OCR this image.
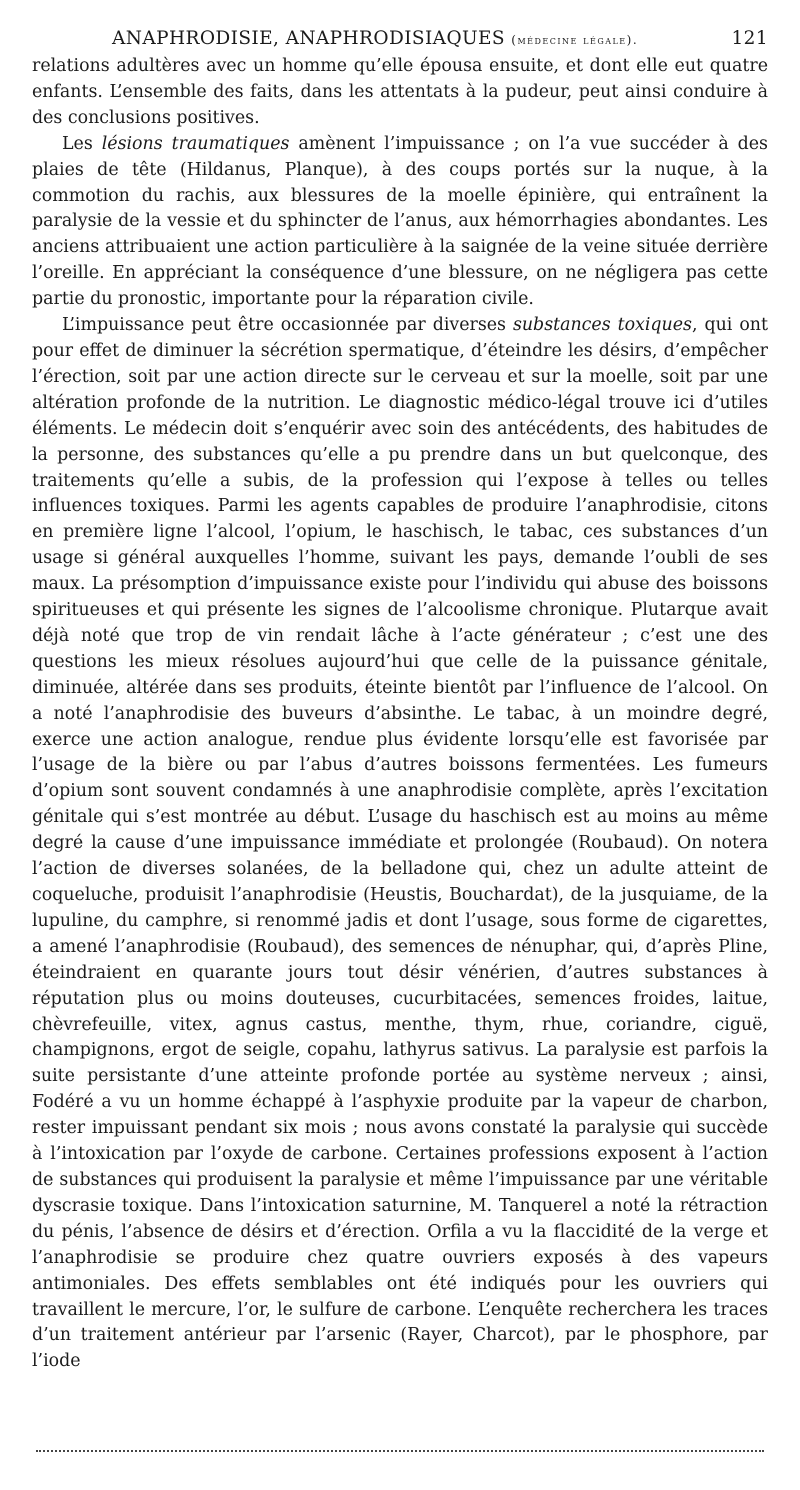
ANAPHRODISIE, ANAPHRODISIAQUES (médecine légale).	121

relations adultères avec un homme qu’elle épousa ensuite, et dont elle eut quatre enfants. L’ensemble des faits, dans les attentats à la pudeur, peut ainsi conduire à des conclusions positives.

Les lésions traumatiques amènent l’impuissance ; on l’a vue succéder à des plaies de tête (Hildanus, Planque), à des coups portés sur la nuque, à la commotion du rachis, aux blessures de la moelle épinière, qui entraînent la paralysie de la vessie et du sphincter de l’anus, aux hémorrhagies abondantes. Les anciens attribuaient une action particulière à la saignée de la veine située derrière l’oreille. En appréciant la conséquence d’une blessure, on ne négligera pas cette partie du pronostic, importante pour la réparation civile.

L’impuissance peut être occasionnée par diverses substances toxiques, qui ont pour effet de diminuer la sécrétion spermatique, d’éteindre les désirs, d’empêcher l’érection, soit par une action directe sur le cerveau et sur la moelle, soit par une altération profonde de la nutrition. Le diagnostic médico-légal trouve ici d’utiles éléments. Le médecin doit s’enquérir avec soin des antécédents, des habitudes de la personne, des substances qu’elle a pu prendre dans un but quelconque, des traitements qu’elle a subis, de la profession qui l’expose à telles ou telles influences toxiques. Parmi les agents capables de produire l’anaphrodisie, citons en première ligne l’alcool, l’opium, le haschisch, le tabac, ces substances d’un usage si général auxquelles l’homme, suivant les pays, demande l’oubli de ses maux. La présomption d’impuissance existe pour l’individu qui abuse des boissons spiritueuses et qui présente les signes de l’alcoolisme chronique. Plutarque avait déjà noté que trop de vin rendait lâche à l’acte générateur ; c’est une des questions les mieux résolues aujourd’hui que celle de la puissance génitale, diminuée, altérée dans ses produits, éteinte bientôt par l’influence de l’alcool. On a noté l’anaphrodisie des buveurs d’absinthe. Le tabac, à un moindre degré, exerce une action analogue, rendue plus évidente lorsqu’elle est favorisée par l’usage de la bière ou par l’abus d’autres boissons fermentées. Les fumeurs d’opium sont souvent condamnés à une anaphrodisie complète, après l’excitation génitale qui s’est montrée au début. L’usage du haschisch est au moins au même degré la cause d’une impuissance immédiate et prolongée (Roubaud). On notera l’action de diverses solanées, de la belladone qui, chez un adulte atteint de coqueluche, produisit l’anaphrodisie (Heustis, Bouchardat), de la jusquiame, de la lupuline, du camphre, si renommé jadis et dont l’usage, sous forme de cigarettes, a amené l’anaphrodisie (Roubaud), des semences de nénuphar, qui, d’après Pline, éteindraient en quarante jours tout désir vénérien, d’autres substances à réputation plus ou moins douteuses, cucurbitacées, semences froides, laitue, chèvrefeuille, vitex, agnus castus, menthe, thym, rhue, coriandre, ciguë, champignons, ergot de seigle, copahu, lathyrus sativus. La paralysie est parfois la suite persistante d’une atteinte profonde portée au système nerveux ; ainsi, Fodéré a vu un homme échappé à l’asphyxie produite par la vapeur de charbon, rester impuissant pendant six mois ; nous avons constaté la paralysie qui succède à l’intoxication par l’oxyde de carbone. Certaines professions exposent à l’action de substances qui produisent la paralysie et même l’impuissance par une véritable dyscrasie toxique. Dans l’intoxication saturnine, M. Tanquerel a noté la rétraction du pénis, l’absence de désirs et d’érection. Orfila a vu la flaccidité de la verge et l’anaphrodisie se produire chez quatre ouvriers exposés à des vapeurs antimoniales. Des effets semblables ont été indiqués pour les ouvriers qui travaillent le mercure, l’or, le sulfure de carbone. L’enquête recherchera les traces d’un traitement antérieur par l’arsenic (Rayer, Charcot), par le phosphore, par l’iode
